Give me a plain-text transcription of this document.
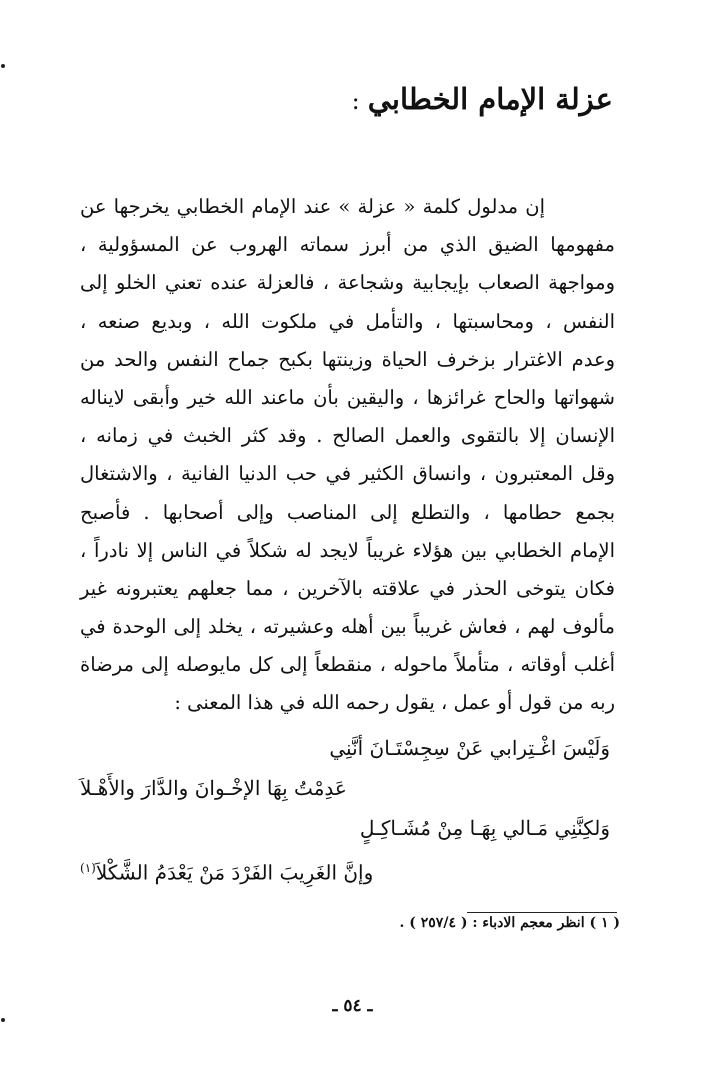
عزلة الإمام الخطابي:
إن مدلول كلمة « عزلة » عند الإمام الخطابي يخرجها عن
مفهومها الضيق الذي من أبرز سماته الهروب عن المسؤولية ،
ومواجهة الصعاب بإيجابية وشجاعة ، فالعزلة عنده تعني الخلو إلى
النفس ، ومحاسبتها ، والتأمل في ملكوت الله ، وبديع صنعه ،
وعدم الاغترار بزخرف الحياة وزينتها بكبح جماح النفس والحد من
شهواتها والحاح غرائزها ، واليقين بأن ماعند الله خير وأبقى لايناله
الإنسان إلا بالتقوى والعمل الصالح . وقد كثر الخبث في زمانه ،
وقل المعتبرون ، وانساق الكثير في حب الدنيا الفانية ، والاشتغال
بجمع حطامها ، والتطلع إلى المناصب وإلى أصحابها . فأصبح
الإمام الخطابي بين هؤلاء غريباً لايجد له شكلاً في الناس إلا نادراً ،
فكان يتوخى الحذر في علاقته بالآخرين ، مما جعلهم يعتبرونه غير
مألوف لهم ، فعاش غريباً بين أهله وعشيرته ، يخلد إلى الوحدة في
أغلب أوقاته ، متأملاً ماحوله ، منقطعاً إلى كل مايوصله إلى مرضاة
ربه من قول أو عمل ، يقول رحمه الله في هذا المعنى :
وَلَيْسَ اغْـتِرابي عَنْ سِجِسْتَـانَ أنَّنِي
عَدِمْتُ بِهَا الإخْـوانَ والدَّارَ والأَهْـلاَ
وَلكِنَّنِي مَـالي بِهَـا مِنْ مُشَـاكِـلٍ
وإنَّ الغَرِيبَ الفَرْدَ مَنْ يَعْدَمُ الشَّكْلاَ$^{(١)}$
( ١ ) انظر معجم الادباء : ( ٢٥٧/٤ ) .
ـ ٥٤ ـ
